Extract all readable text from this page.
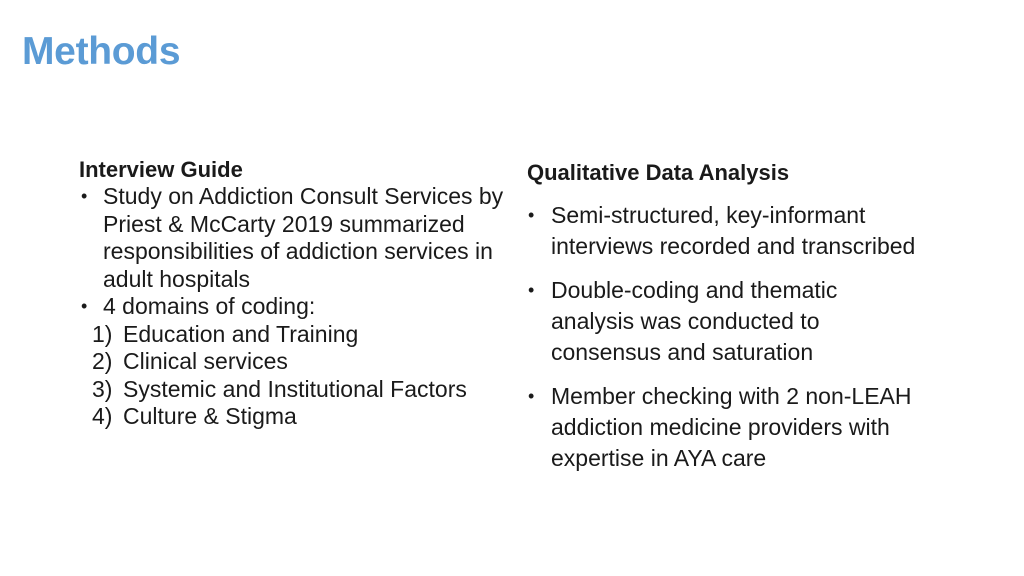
Methods

Interview Guide

• Study on Addiction Consult Services by Priest & McCarty 2019 summarized responsibilities of addiction services in adult hospitals
• 4 domains of coding:
1) Education and Training
2) Clinical services
3) Systemic and Institutional Factors
4) Culture & Stigma

Qualitative Data Analysis

• Semi-structured, key-informant interviews recorded and transcribed
• Double-coding and thematic analysis was conducted to consensus and saturation
• Member checking with 2 non-LEAH addiction medicine providers with expertise in AYA care
